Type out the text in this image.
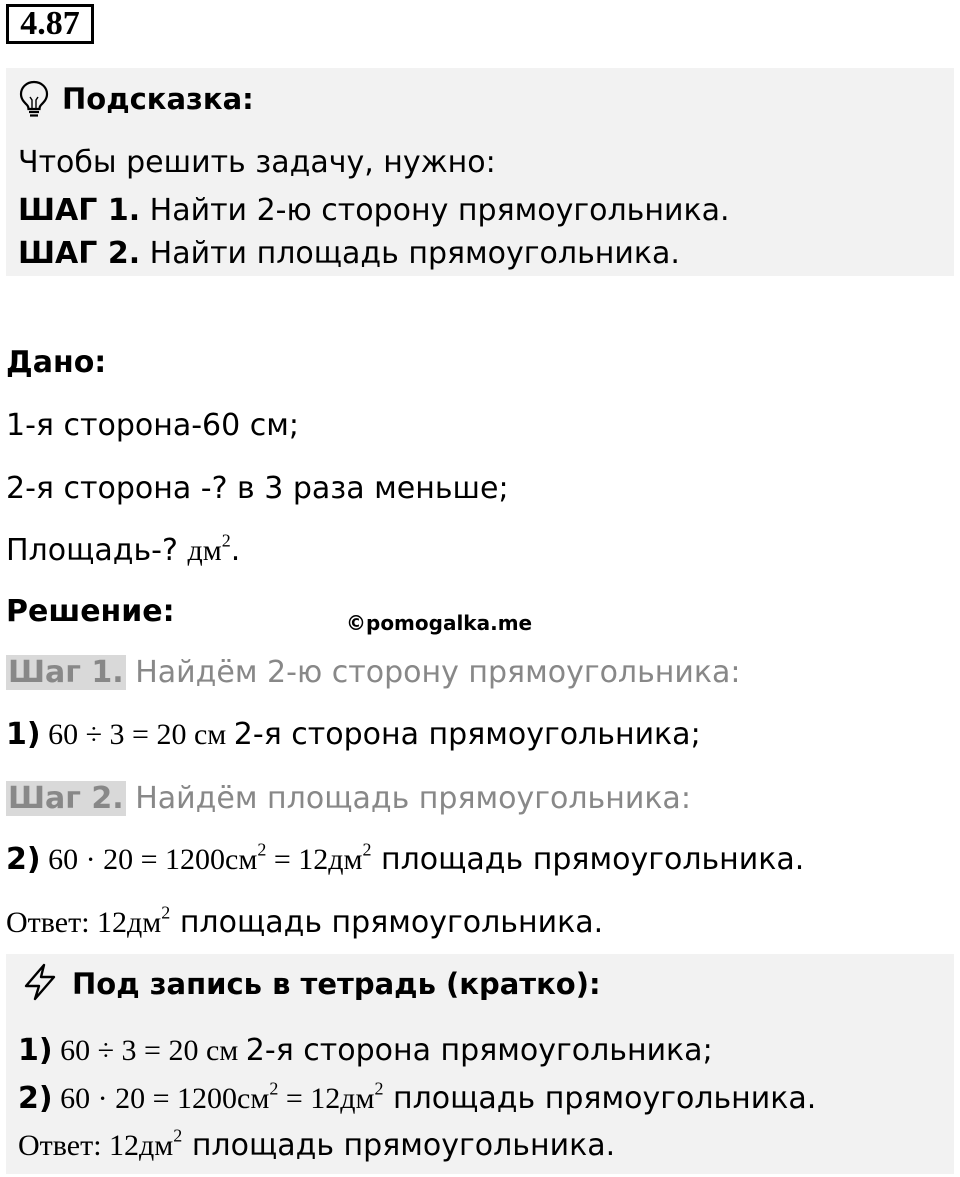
4.87
Подсказка:
Чтобы решить задачу, нужно:
ШАГ 1. Найти 2-ю сторону прямоугольника.
ШАГ 2. Найти площадь прямоугольника.
Дано:
1-я сторона-60 см;
2-я сторона -? в 3 раза меньше;
Площадь-? $дм^2$.
Решение:	©pomogalka.me
Шаг 1. Найдём 2-ю сторону прямоугольника:
1) 60 ÷ 3 = 20 см 2-я сторона прямоугольника;
Шаг 2. Найдём площадь прямоугольника:
2) $60 \cdot 20 = 1200см^2 = 12дм^2$ площадь прямоугольника.
Ответ: $12дм^2$ площадь прямоугольника.
Под запись в тетрадь (кратко):
1) 60 ÷ 3 = 20 см 2-я сторона прямоугольника;
2) $60 \cdot 20 = 1200см^2 = 12дм^2$ площадь прямоугольника.
Ответ: $12дм^2$ площадь прямоугольника.
